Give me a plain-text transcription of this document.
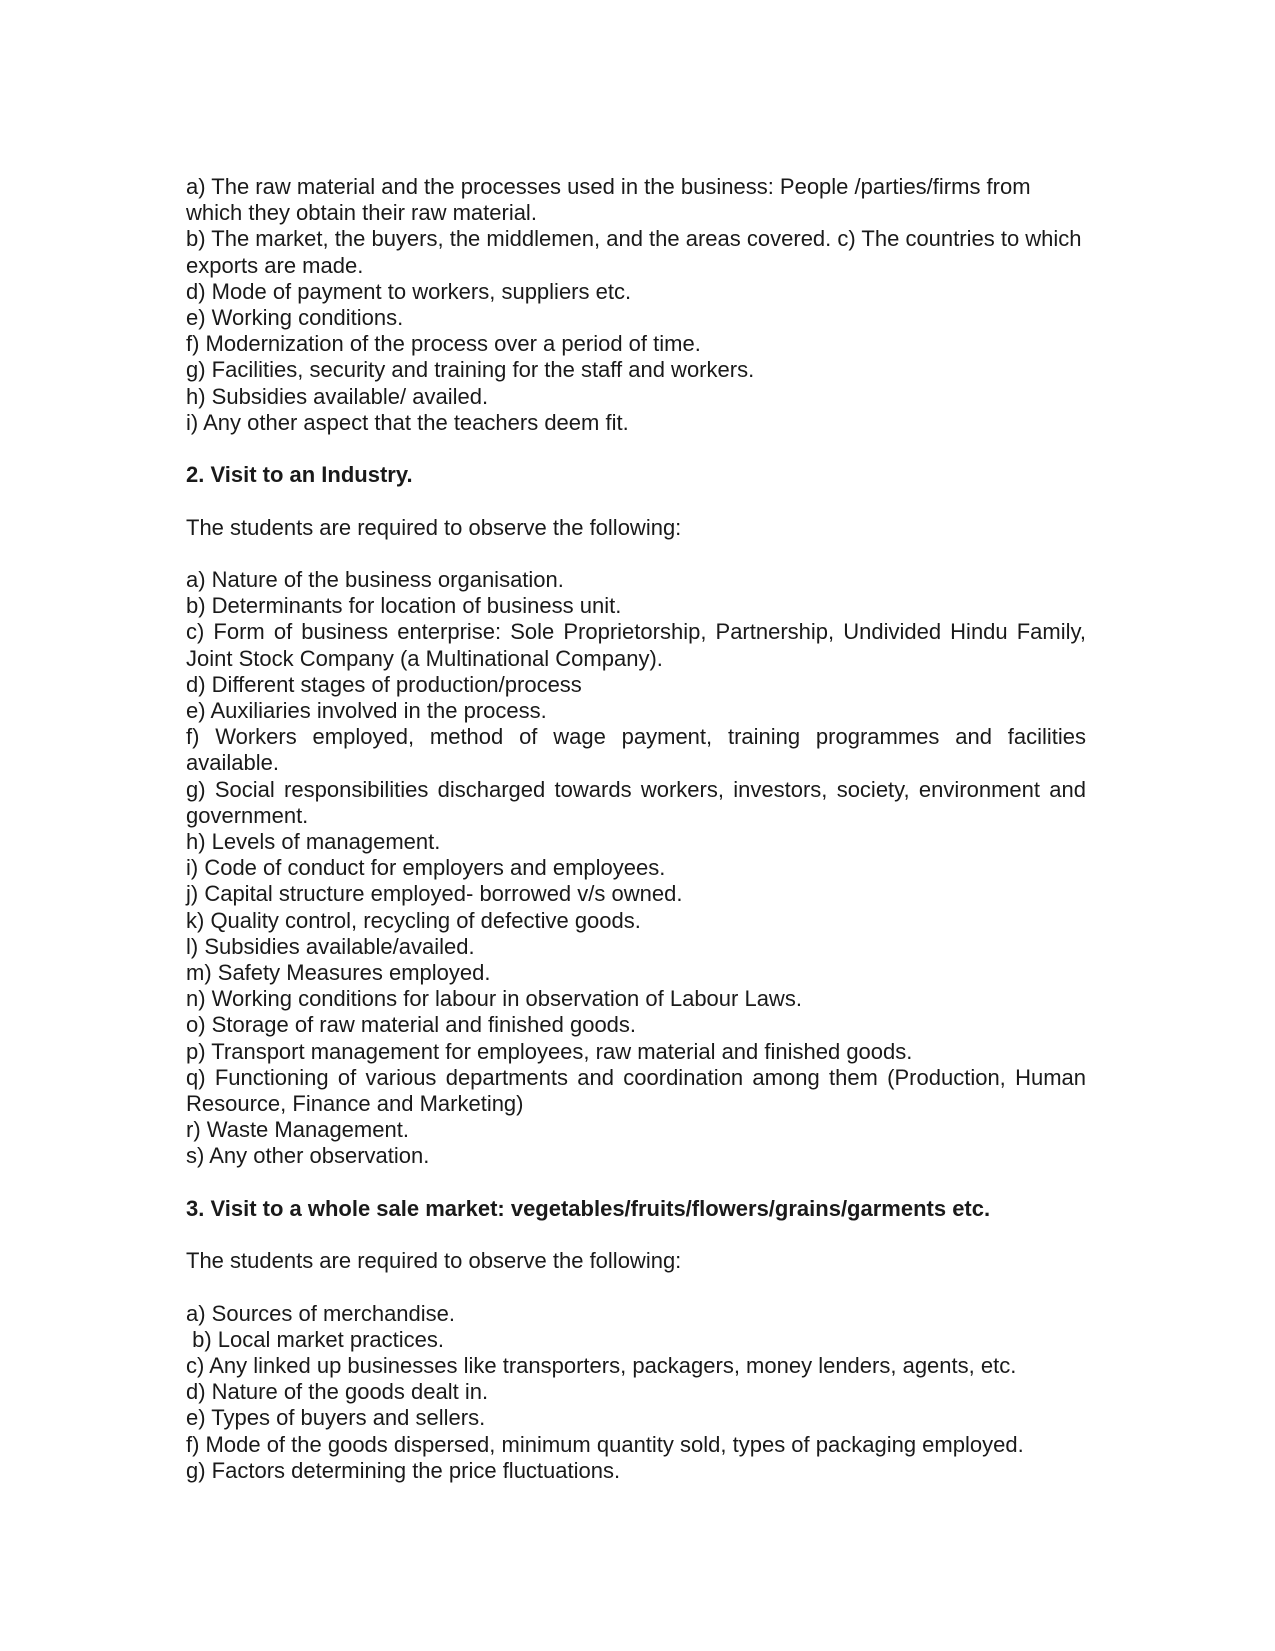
a) The raw material and the processes used in the business: People /parties/firms from which they obtain their raw material.
b) The market, the buyers, the middlemen, and the areas covered. c) The countries to which exports are made.
d) Mode of payment to workers, suppliers etc.
e) Working conditions.
f) Modernization of the process over a period of time.
g) Facilities, security and training for the staff and workers.
h) Subsidies available/ availed.
i) Any other aspect that the teachers deem fit.
2. Visit to an Industry.
The students are required to observe the following:
a) Nature of the business organisation.
b) Determinants for location of business unit.
c) Form of business enterprise: Sole Proprietorship, Partnership, Undivided Hindu Family, Joint Stock Company (a Multinational Company).
d) Different stages of production/process
e) Auxiliaries involved in the process.
f) Workers employed, method of wage payment, training programmes and facilities available.
g) Social responsibilities discharged towards workers, investors, society, environment and government.
h) Levels of management.
i) Code of conduct for employers and employees.
j) Capital structure employed- borrowed v/s owned.
k) Quality control, recycling of defective goods.
l) Subsidies available/availed.
m) Safety Measures employed.
n) Working conditions for labour in observation of Labour Laws.
o) Storage of raw material and finished goods.
p) Transport management for employees, raw material and finished goods.
q) Functioning of various departments and coordination among them (Production, Human Resource, Finance and Marketing)
r) Waste Management.
s) Any other observation.
3. Visit to a whole sale market: vegetables/fruits/flowers/grains/garments etc.
The students are required to observe the following:
a) Sources of merchandise.
b) Local market practices.
c) Any linked up businesses like transporters, packagers, money lenders, agents, etc.
d) Nature of the goods dealt in.
e) Types of buyers and sellers.
f) Mode of the goods dispersed, minimum quantity sold, types of packaging employed.
g) Factors determining the price fluctuations.
